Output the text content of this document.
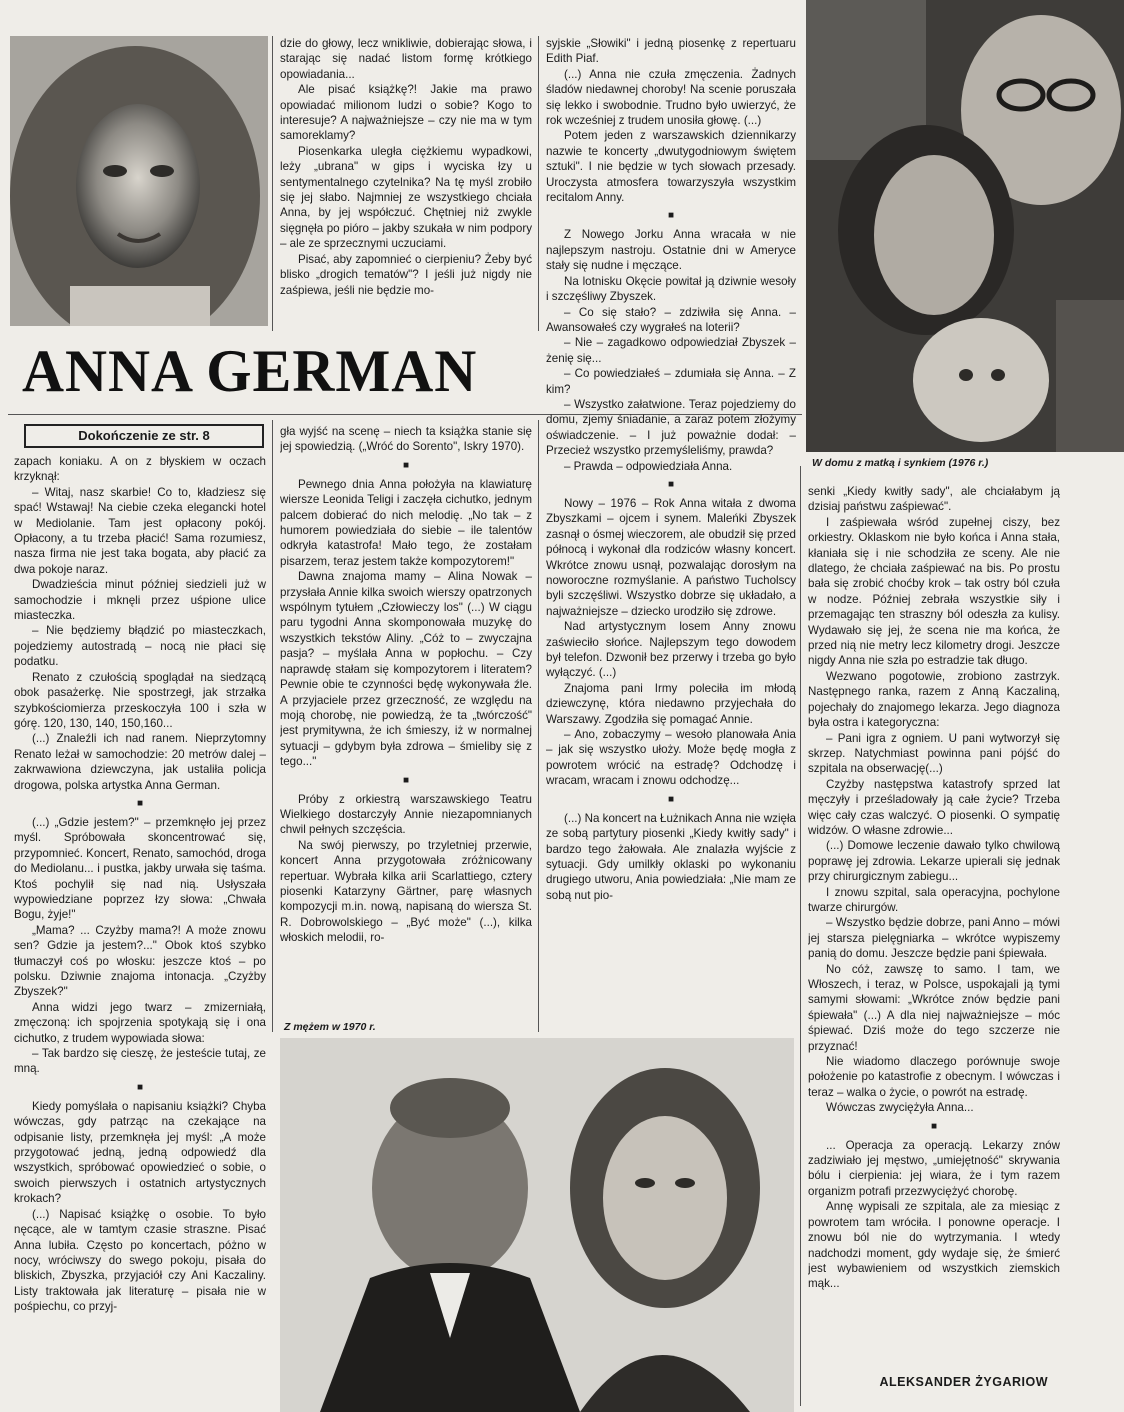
ANNA GERMAN
Dokończenie ze str. 8
W domu z matką i synkiem (1976 r.)
Z mężem w 1970 r.

zapach koniaku. A on z błyskiem w oczach krzyknął:

– Witaj, nasz skarbie! Co to, kładziesz się spać! Wstawaj! Na ciebie czeka elegancki hotel w Mediolanie. Tam jest opłacony pokój. Opłacony, a tu trzeba płacić! Sama rozumiesz, nasza firma nie jest taka bogata, aby płacić za dwa pokoje naraz.

Dwadzieścia minut później siedzieli już w samochodzie i mknęli przez uśpione ulice miasteczka.

– Nie będziemy błądzić po miasteczkach, pojedziemy autostradą – nocą nie płaci się podatku.

Renato z czułością spoglądał na siedzącą obok pasażerkę. Nie spostrzegł, jak strzałka szybkościomierza przeskoczyła 100 i szła w górę. 120, 130, 140, 150,160...

(...) Znaleźli ich nad ranem. Nieprzytomny Renato leżał w samochodzie: 20 metrów dalej – zakrwawiona dziewczyna, jak ustaliła policja drogowa, polska artystka Anna German.

■

(...) „Gdzie jestem?" – przemknęło jej przez myśl. Spróbowała skoncentrować się, przypomnieć. Koncert, Renato, samochód, droga do Mediolanu... i pustka, jakby urwała się taśma. Ktoś pochylił się nad nią. Usłyszała wypowiedziane poprzez łzy słowa: „Chwała Bogu, żyje!"

„Mama? ... Czyżby mama?! A może znowu sen? Gdzie ja jestem?..." Obok ktoś szybko tłumaczył coś po włosku: jeszcze ktoś – po polsku. Dziwnie znajoma intonacja. „Czyżby Zbyszek?"

Anna widzi jego twarz – zmizerniałą, zmęczoną: ich spojrzenia spotykają się i ona cichutko, z trudem wypowiada słowa:

– Tak bardzo się cieszę, że jesteście tutaj, ze mną.

■

Kiedy pomyślała o napisaniu książki? Chyba wówczas, gdy patrząc na czekające na odpisanie listy, przemknęła jej myśl: „A może przygotować jedną, jedną odpowiedź dla wszystkich, spróbować opowiedzieć o sobie, o swoich pierwszych i ostatnich artystycznych krokach?

(...) Napisać książkę o osobie. To było nęcące, ale w tamtym czasie straszne. Pisać Anna lubiła. Często po koncertach, póżno w nocy, wróciwszy do swego pokoju, pisała do bliskich, Zbyszka, przyjaciół czy Ani Kaczaliny. Listy traktowała jak literaturę – pisała nie w pośpiechu, co przyj-

dzie do głowy, lecz wnikliwie, dobierając słowa, i starając się nadać listom formę krótkiego opowiadania...

Ale pisać książkę?! Jakie ma prawo opowiadać milionom ludzi o sobie? Kogo to interesuje? A najważniejsze – czy nie ma w tym samoreklamy?

Piosenkarka uległa ciężkiemu wypadkowi, leży „ubrana" w gips i wyciska łzy u sentymentalnego czytelnika? Na tę myśl zrobiło się jej słabo. Najmniej ze wszystkiego chciała Anna, by jej współczuć. Chętniej niż zwykle sięgnęła po pióro – jakby szukała w nim podpory – ale ze sprzecznymi uczuciami.

Pisać, aby zapomnieć o cierpieniu? Żeby być blisko „drogich tematów"? I jeśli już nigdy nie zaśpiewa, jeśli nie będzie mo-

gła wyjść na scenę – niech ta książka stanie się jej spowiedzią. („Wróć do Sorento", Iskry 1970).

■

Pewnego dnia Anna położyła na klawiaturę wiersze Leonida Teligi i zaczęła cichutko, jednym palcem dobierać do nich melodię. „No tak – z humorem powiedziała do siebie – ile talentów odkryła katastrofa! Mało tego, że zostałam pisarzem, teraz jestem także kompozytorem!"

Dawna znajoma mamy – Alina Nowak – przysłała Annie kilka swoich wierszy opatrzonych wspólnym tytułem „Człowieczy los" (...) W ciągu paru tygodni Anna skomponowała muzykę do wszystkich tekstów Aliny. „Cóż to – zwyczajna pasja? – myślała Anna w popłochu. – Czy naprawdę stałam się kompozytorem i literatem? Pewnie obie te czynności będę wykonywała źle. A przyjaciele przez grzeczność, ze względu na moją chorobę, nie powiedzą, że ta „twórczość" jest prymitywna, że ich śmieszy, iż w normalnej sytuacji – gdybym była zdrowa – śmieliby się z tego..."

■

Próby z orkiestrą warszawskiego Teatru Wielkiego dostarczyły Annie niezapomnianych chwil pełnych szczęścia.

Na swój pierwszy, po trzyletniej przerwie, koncert Anna przygotowała zróżnicowany repertuar. Wybrała kilka arii Scarlattiego, cztery piosenki Katarzyny Gärtner, parę własnych kompozycji m.in. nową, napisaną do wiersza St. R. Dobrowolskiego – „Być może" (...), kilka włoskich melodii, ro-

syjskie „Słowiki" i jedną piosenkę z repertuaru Edith Piaf.

(...) Anna nie czuła zmęczenia. Żadnych śladów niedawnej choroby! Na scenie poruszała się lekko i swobodnie. Trudno było uwierzyć, że rok wcześniej z trudem unosiła głowę. (...)

Potem jeden z warszawskich dziennikarzy nazwie te koncerty „dwutygodniowym świętem sztuki". I nie będzie w tych słowach przesady. Uroczysta atmosfera towarzyszyła wszystkim recitalom Anny.

■

Z Nowego Jorku Anna wracała w nie najlepszym nastroju. Ostatnie dni w Ameryce stały się nudne i męczące.

Na lotnisku Okęcie powitał ją dziwnie wesoły i szczęśliwy Zbyszek.

– Co się stało? – zdziwiła się Anna. – Awansowałeś czy wygrałeś na loterii?

– Nie – zagadkowo odpowiedział Zbyszek – żenię się...

– Co powiedziałeś – zdumiała się Anna. – Z kim?

– Wszystko załatwione. Teraz pojedziemy do domu, zjemy śniadanie, a zaraz potem złożymy oświadczenie. – I już poważnie dodał: – Przecież wszystko przemyśleliśmy, prawda?

– Prawda – odpowiedziała Anna.

■

Nowy – 1976 – Rok Anna witała z dwoma Zbyszkami – ojcem i synem. Maleńki Zbyszek zasnął o ósmej wieczorem, ale obudził się przed północą i wykonał dla rodziców własny koncert. Wkrótce znowu usnął, pozwalając dorosłym na noworoczne rozmyślanie. A państwo Tucholscy byli szczęśliwi. Wszystko dobrze się układało, a najważniejsze – dziecko urodziło się zdrowe.

Nad artystycznym losem Anny znowu zaświeciło słońce. Najlepszym tego dowodem był telefon. Dzwonił bez przerwy i trzeba go było wyłączyć. (...)

Znajoma pani Irmy poleciła im młodą dziewczynę, która niedawno przyjechała do Warszawy. Zgodziła się pomagać Annie.

– Ano, zobaczymy – wesoło planowała Ania – jak się wszystko ułoży. Może będę mogła z powrotem wrócić na estradę? Odchodzę i wracam, wracam i znowu odchodzę...

■

(...) Na koncert na Łużnikach Anna nie wzięła ze sobą partytury piosenki „Kiedy kwitły sady" i bardzo tego żałowała. Ale znalazła wyjście z sytuacji. Gdy umilkły oklaski po wykonaniu drugiego utworu, Ania powiedziała: „Nie mam ze sobą nut pio-

senki „Kiedy kwitły sady", ale chciałabym ją dzisiaj państwu zaśpiewać".

I zaśpiewała wśród zupełnej ciszy, bez orkiestry. Oklaskom nie było końca i Anna stała, kłaniała się i nie schodziła ze sceny. Ale nie dlatego, że chciała zaśpiewać na bis. Po prostu bała się zrobić choćby krok – tak ostry ból czuła w nodze. Później zebrała wszystkie siły i przemagając ten straszny ból odeszła za kulisy. Wydawało się jej, że scena nie ma końca, że przed nią nie metry lecz kilometry drogi. Jeszcze nigdy Anna nie szła po estradzie tak długo.

Wezwano pogotowie, zrobiono zastrzyk. Następnego ranka, razem z Anną Kaczaliną, pojechały do znajomego lekarza. Jego diagnoza była ostra i kategoryczna:

– Pani igra z ogniem. U pani wytworzył się skrzep. Natychmiast powinna pani pójść do szpitala na obserwację(...)

Czyżby następstwa katastrofy sprzed lat męczyły i prześladowały ją całe życie? Trzeba więc cały czas walczyć. O piosenki. O sympatię widzów. O własne zdrowie...

(...) Domowe leczenie dawało tylko chwilową poprawę jej zdrowia. Lekarze upierali się jednak przy chirurgicznym zabiegu...

I znowu szpital, sala operacyjna, pochylone twarze chirurgów.

– Wszystko będzie dobrze, pani Anno – mówi jej starsza pielęgniarka – wkrótce wypiszemy panią do domu. Jeszcze będzie pani śpiewała.

No cóż, zawszę to samo. I tam, we Włoszech, i teraz, w Polsce, uspokajali ją tymi samymi słowami: „Wkrótce znów będzie pani śpiewała" (...) A dla niej najważniejsze – móc śpiewać. Dziś może do tego szczerze nie przyznać!

Nie wiadomo dlaczego porównuje swoje położenie po katastrofie z obecnym. I wówczas i teraz – walka o życie, o powrót na estradę.

Wówczas zwyciężyła Anna...

■

... Operacja za operacją. Lekarzy znów zadziwiało jej męstwo, „umiejętność" skrywania bólu i cierpienia: jej wiara, że i tym razem organizm potrafi przezwyciężyć chorobę.

Annę wypisali ze szpitala, ale za miesiąc z powrotem tam wróciła. I ponowne operacje. I znowu ból nie do wytrzymania. I wtedy nadchodzi moment, gdy wydaje się, że śmierć jest wybawieniem od wszystkich ziemskich mąk...

ALEKSANDER ŻYGARIOW
